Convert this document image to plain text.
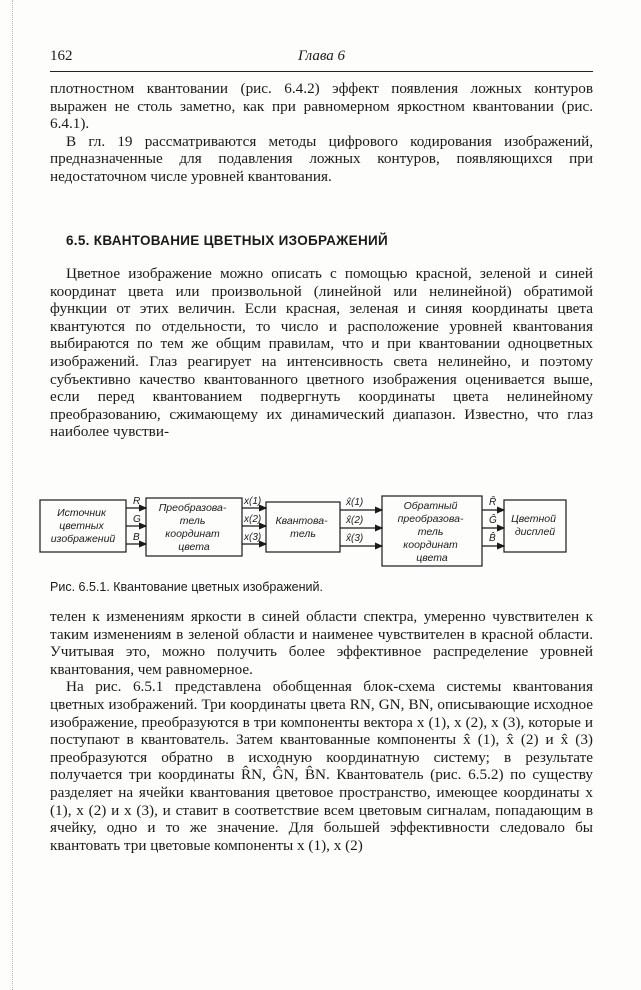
162	Глава 6

плотностном квантовании (рис. 6.4.2) эффект появления ложных контуров выражен не столь заметно, как при равномерном яркостном квантовании (рис. 6.4.1).

В гл. 19 рассматриваются методы цифрового кодирования изображений, предназначенные для подавления ложных контуров, появляющихся при недостаточном числе уровней квантования.

6.5. КВАНТОВАНИЕ ЦВЕТНЫХ ИЗОБРАЖЕНИЙ

Цветное изображение можно описать с помощью красной, зеленой и синей координат цвета или произвольной (линейной или нелинейной) обратимой функции от этих величин. Если красная, зеленая и синяя координаты цвета квантуются по отдельности, то число и расположение уровней квантования выбираются по тем же общим правилам, что и при квантовании одноцветных изображений. Глаз реагирует на интенсивность света нелинейно, и поэтому субъективно качество квантованного цветного изображения оценивается выше, если перед квантованием подвергнуть координаты цвета нелинейному преобразованию, сжимающему их динамический диапазон. Известно, что глаз наиболее чувстви-

Источник цветных изображений
Преобразова- тель координат цвета
Квантова- тель
Обратный преобразова- тель координат цвета
Цветной дисплей
R
G
B
x(1)
x(2)
x(3)
x̂(1)
x̂(2)
x̂(3)
R̂
Ĝ
B̂
Рис. 6.5.1. Квантование цветных изображений.

телен к изменениям яркости в синей области спектра, умеренно чувствителен к таким изменениям в зеленой области и наименее чувствителен в красной области. Учитывая это, можно получить более эффективное распределение уровней квантования, чем равномерное.

На рис. 6.5.1 представлена обобщенная блок-схема системы квантования цветных изображений. Три координаты цвета RN, GN, BN, описывающие исходное изображение, преобразуются в три компоненты вектора x (1), x (2), x (3), которые и поступают в квантователь. Затем квантованные компоненты x̂ (1), x̂ (2) и x̂ (3) преобразуются обратно в исходную координатную систему; в результате получается три координаты R̂N, ĜN, B̂N. Квантователь (рис. 6.5.2) по существу разделяет на ячейки квантования цветовое пространство, имеющее координаты x (1), x (2) и x (3), и ставит в соответствие всем цветовым сигналам, попадающим в ячейку, одно и то же значение. Для большей эффективности следовало бы квантовать три цветовые компоненты x (1), x (2)
